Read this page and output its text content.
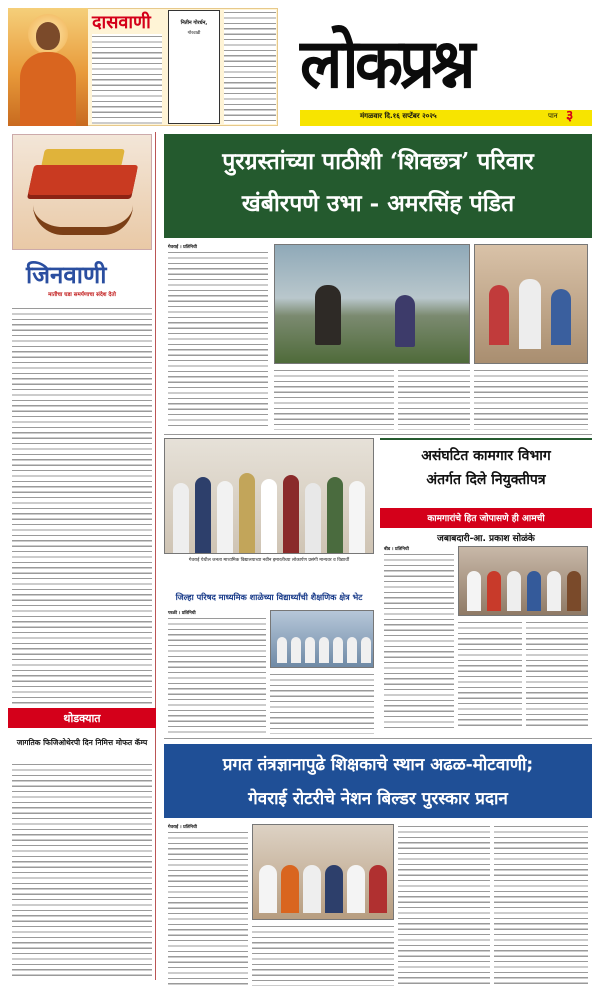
दासवाणी	नितीन गोरर्धन,
गोरवाडी लोकप्रश्न
मंगळवार दि.१६ सप्टेंबर २०२५	पान ३
जिनवाणी
मातीचा घडा समर्पणाचा संदेश देतो
थोडक्यात
जागतिक फिजिओथेरपी दिन निमित्त मोफत कॅम्प
पुरग्रस्तांच्या पाठीशी ‘शिवछत्र’ परिवार
खंबीरपणे उभा - अमरसिंह पंडित
गेवराई । प्रतिनिधी
गेवराई येथील जनता माध्यमिक विद्यालयाच्या नवीन इमारतीच्या लोकार्पण प्रसंगी मान्यवर व विद्यार्थी
असंघटित कामगार विभाग
अंतर्गत दिले नियुक्तीपत्र
कामगारांचे हित जोपासणे ही आमची
जबाबदारी-आ. प्रकाश सोळंके
बीड । प्रतिनिधी
जिल्हा परिषद माध्यमिक शाळेच्या विद्यार्थ्यांची शैक्षणिक क्षेत्र भेट
परळी । प्रतिनिधी
प्रगत तंत्रज्ञानापुढे शिक्षकाचे स्थान अढळ-मोटवाणी;
गेवराई रोटरीचे नेशन बिल्डर पुरस्कार प्रदान
गेवराई । प्रतिनिधी
